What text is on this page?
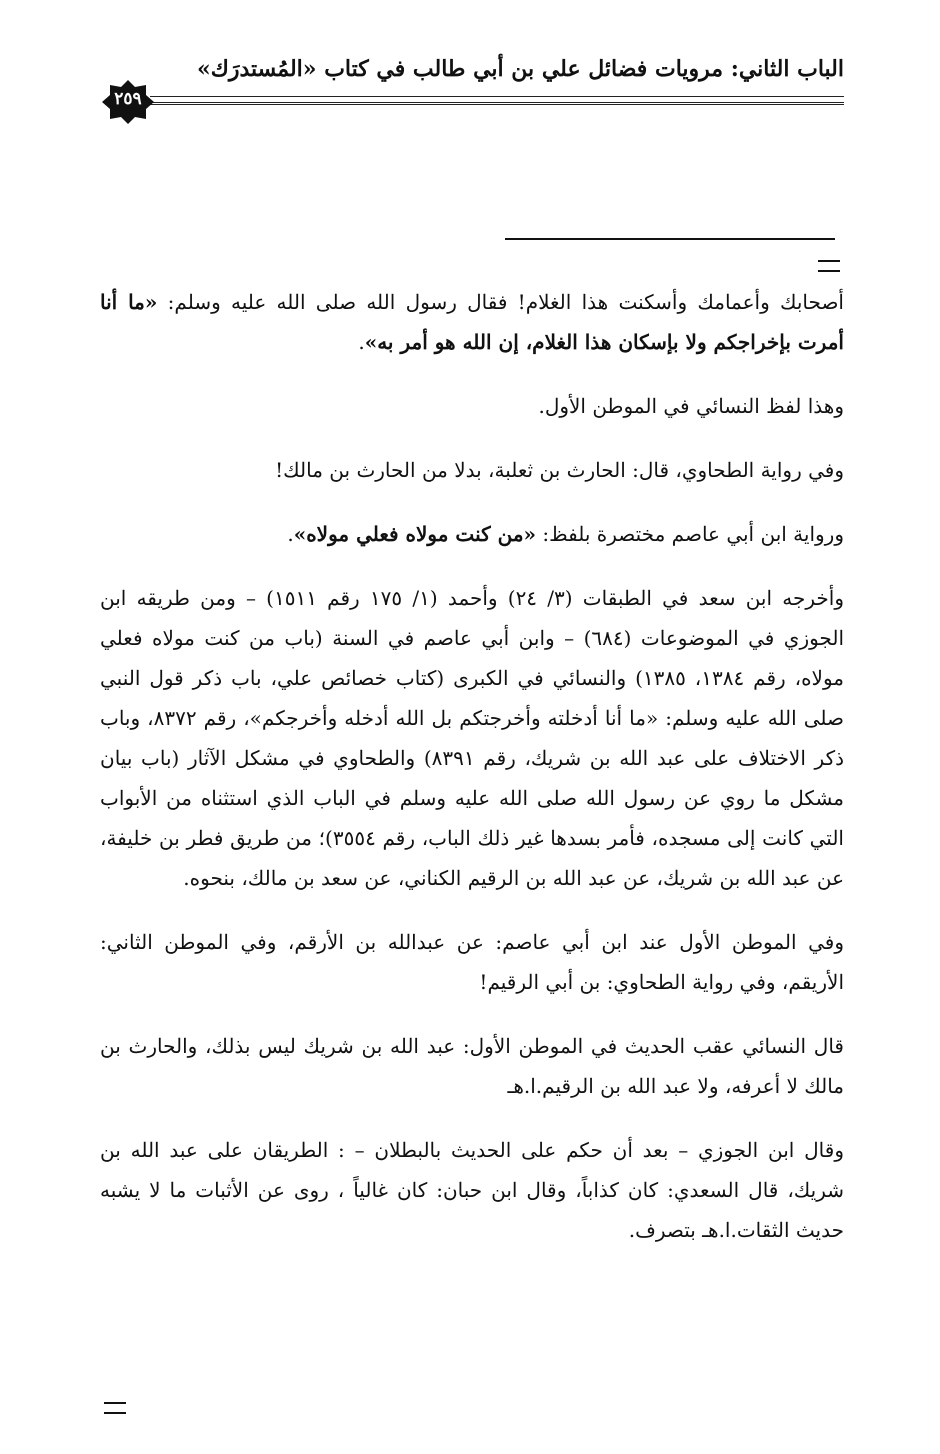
الباب الثاني: مرويات فضائل علي بن أبي طالب في كتاب «المُستدرَك»
٢٥٩

أصحابك وأعمامك وأسكنت هذا الغلام! فقال رسول الله صلى الله عليه وسلم: «ما أنا أمرت بإخراجكم ولا بإسكان هذا الغلام، إن الله هو أمر به».

وهذا لفظ النسائي في الموطن الأول.

وفي رواية الطحاوي، قال: الحارث بن ثعلبة، بدلا من الحارث بن مالك!

ورواية ابن أبي عاصم مختصرة بلفظ: «من كنت مولاه فعلي مولاه».

وأخرجه ابن سعد في الطبقات (٣/ ٢٤) وأحمد (١/ ١٧٥ رقم ١٥١١) – ومن طريقه ابن الجوزي في الموضوعات (٦٨٤) – وابن أبي عاصم في السنة (باب من كنت مولاه فعلي مولاه، رقم ١٣٨٤، ١٣٨٥) والنسائي في الكبرى (كتاب خصائص علي، باب ذكر قول النبي صلى الله عليه وسلم: «ما أنا أدخلته وأخرجتكم بل الله أدخله وأخرجكم»، رقم ٨٣٧٢، وباب ذكر الاختلاف على عبد الله بن شريك، رقم ٨٣٩١) والطحاوي في مشكل الآثار (باب بيان مشكل ما روي عن رسول الله صلى الله عليه وسلم في الباب الذي استثناه من الأبواب التي كانت إلى مسجده، فأمر بسدها غير ذلك الباب، رقم ٣٥٥٤)؛ من طريق فطر بن خليفة، عن عبد الله بن شريك، عن عبد الله بن الرقيم الكناني، عن سعد بن مالك، بنحوه.

وفي الموطن الأول عند ابن أبي عاصم: عن عبدالله بن الأرقم، وفي الموطن الثاني: الأريقم، وفي رواية الطحاوي: بن أبي الرقيم!

قال النسائي عقب الحديث في الموطن الأول: عبد الله بن شريك ليس بذلك، والحارث بن مالك لا أعرفه، ولا عبد الله بن الرقيم.ا.هـ

وقال ابن الجوزي – بعد أن حكم على الحديث بالبطلان – : الطريقان على عبد الله بن شريك، قال السعدي: كان كذاباً، وقال ابن حبان: كان غالياً ، روى عن الأثبات ما لا يشبه حديث الثقات.ا.هـ بتصرف.
